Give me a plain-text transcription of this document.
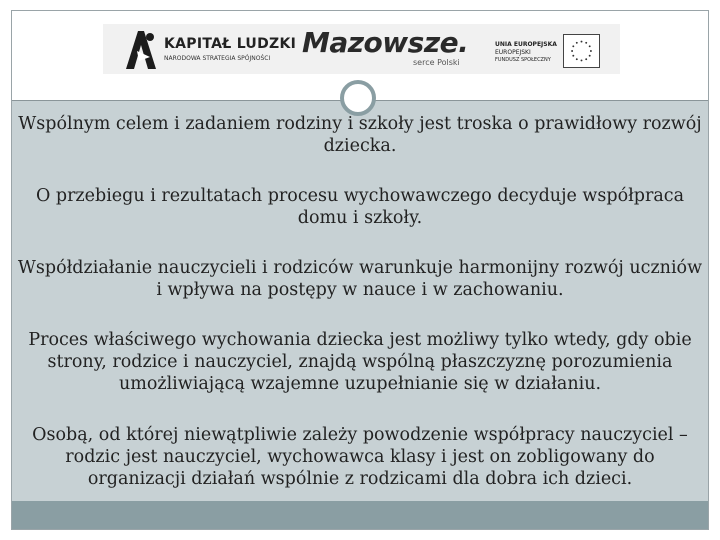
KAPITAŁ LUDZKI
NARODOWA STRATEGIA SPÓJNOŚCI Mazowsze.
serce Polski
UNIA EUROPEJSKA
EUROPEJSKI
FUNDUSZ SPOŁECZNY
Wspólnym celem i zadaniem rodziny i szkoły jest troska o prawidłowy rozwój dziecka.
O przebiegu i rezultatach procesu wychowawczego decyduje współpraca domu i szkoły.
Współdziałanie nauczycieli i rodziców warunkuje harmonijny rozwój uczniów i wpływa na postępy w nauce i w zachowaniu.
Proces właściwego wychowania dziecka jest możliwy tylko wtedy, gdy obie strony, rodzice i nauczyciel, znajdą wspólną płaszczyznę porozumienia umożliwiającą wzajemne uzupełnianie się w działaniu.
Osobą, od której niewątpliwie zależy powodzenie współpracy nauczyciel – rodzic jest nauczyciel, wychowawca klasy i jest on zobligowany do organizacji działań wspólnie z rodzicami dla dobra ich dzieci.
